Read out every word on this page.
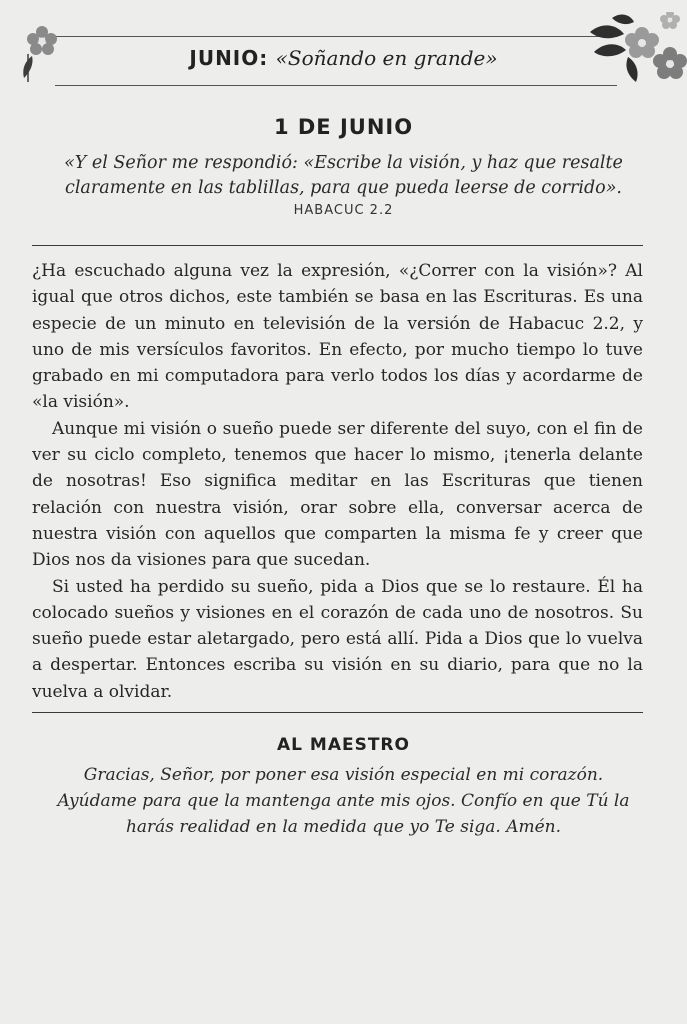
JUNIO: «Soñando en grande»
1 DE JUNIO
«Y el Señor me respondió: «Escribe la visión, y haz que resalte claramente en las tablillas, para que pueda leerse de corrido».
HABACUC 2.2

¿Ha escuchado alguna vez la expresión, «¿Correr con la visión»? Al igual que otros dichos, este también se basa en las Escrituras. Es una especie de un minuto en televisión de la versión de Habacuc 2.2, y uno de mis versículos favoritos. En efecto, por mucho tiempo lo tuve grabado en mi computadora para verlo todos los días y acordarme de «la visión».

Aunque mi visión o sueño puede ser diferente del suyo, con el fin de ver su ciclo completo, tenemos que hacer lo mismo, ¡tenerla delante de nosotras! Eso significa meditar en las Escrituras que tienen relación con nuestra visión, orar sobre ella, conversar acerca de nuestra visión con aquellos que comparten la misma fe y creer que Dios nos da visiones para que sucedan.

Si usted ha perdido su sueño, pida a Dios que se lo restaure. Él ha colocado sueños y visiones en el corazón de cada uno de nosotros. Su sueño puede estar aletargado, pero está allí. Pida a Dios que lo vuelva a despertar. Entonces escriba su visión en su diario, para que no la vuelva a olvidar.

AL MAESTRO
Gracias, Señor, por poner esa visión especial en mi corazón. Ayúdame para que la mantenga ante mis ojos. Confío en que Tú la harás realidad en la medida que yo Te siga. Amén.
